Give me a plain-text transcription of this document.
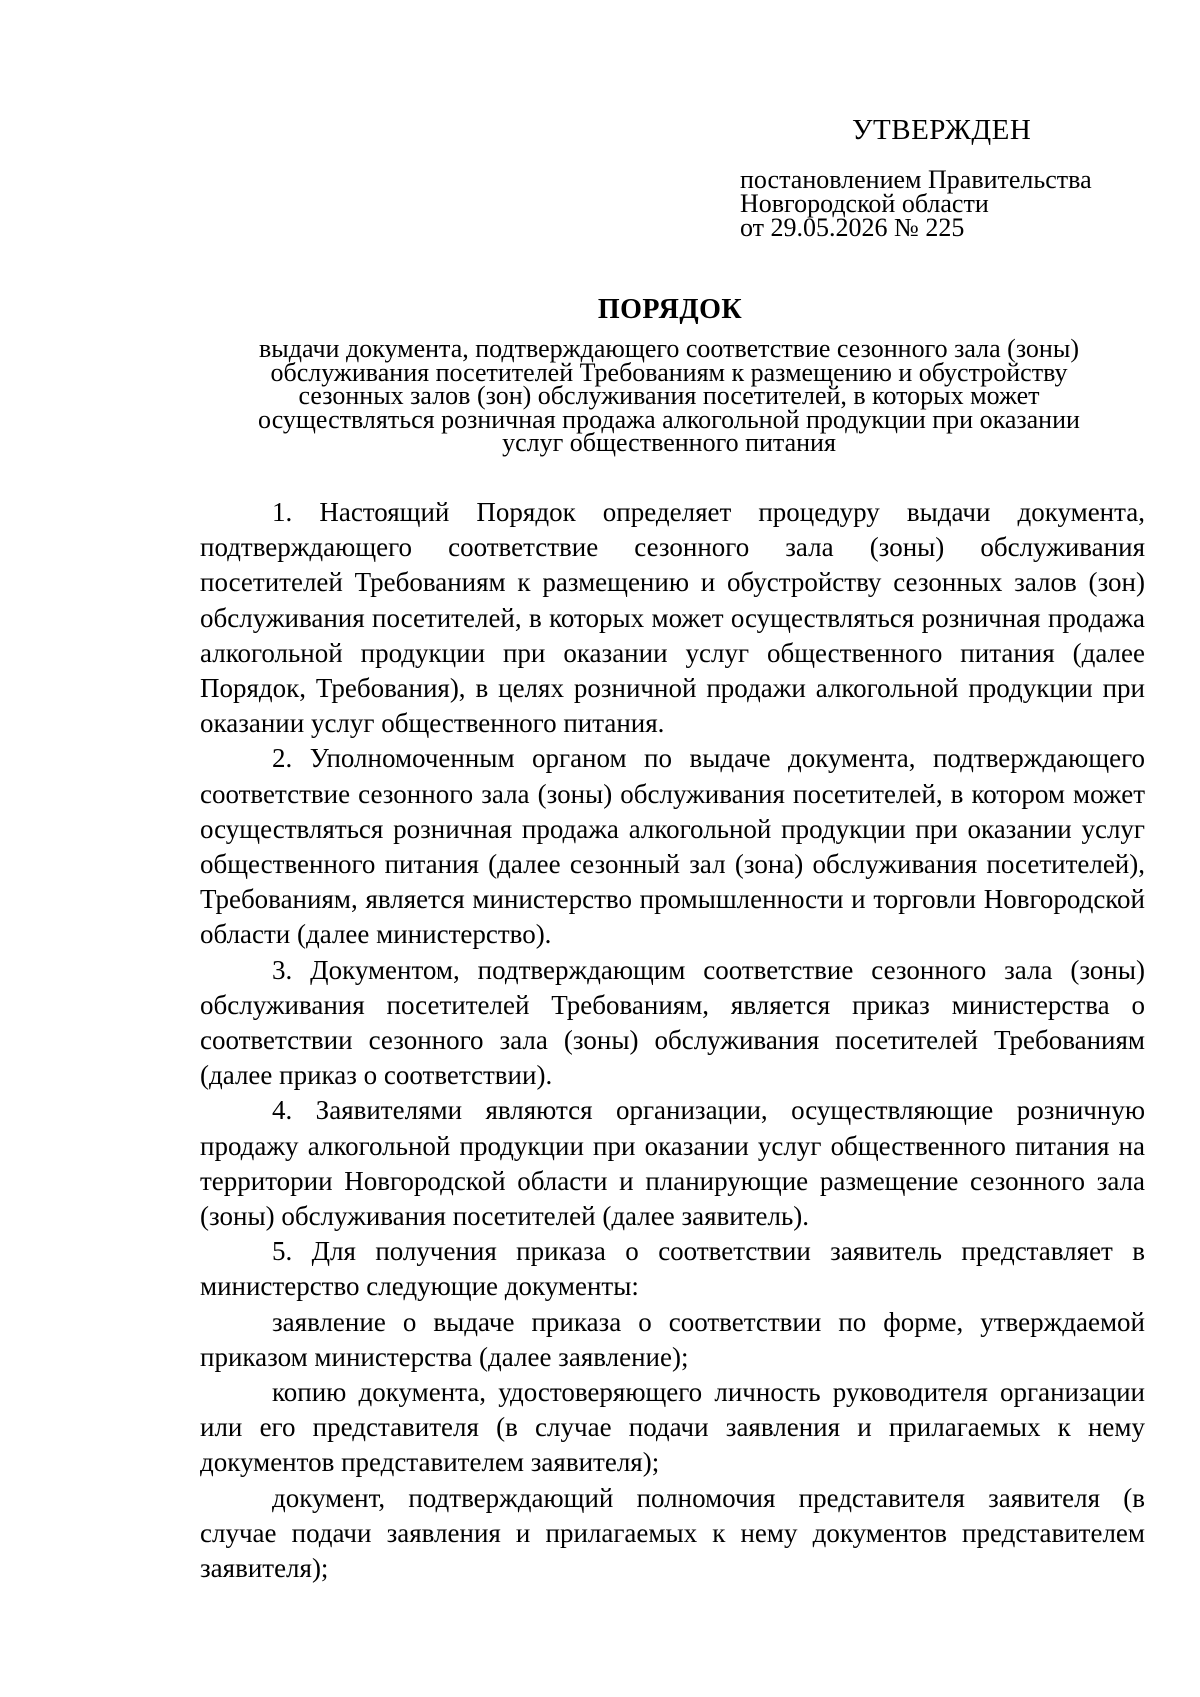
УТВЕРЖДЕН
постановлением Правительства
Новгородской области
от 29.05.2026 № 225
ПОРЯДОК
выдачи документа, подтверждающего соответствие сезонного зала (зоны)
обслуживания посетителей Требованиям к размещению и обустройству
сезонных залов (зон) обслуживания посетителей, в которых может
осуществляться розничная продажа алкогольной продукции при оказании
услуг общественного питания

1. Настоящий Порядок определяет процедуру выдачи документа, подтверждающего соответствие сезонного зала (зоны) обслуживания посетителей Требованиям к размещению и обустройству сезонных залов (зон) обслуживания посетителей, в которых может осуществляться розничная продажа алкогольной продукции при оказании услуг общественного питания (далее Порядок, Требования), в целях розничной продажи алкогольной продукции при оказании услуг общественного питания.

2. Уполномоченным органом по выдаче документа, подтверждающего соответствие сезонного зала (зоны) обслуживания посетителей, в котором может осуществляться розничная продажа алкогольной продукции при оказании услуг общественного питания (далее сезонный зал (зона) обслуживания посетителей), Требованиям, является министерство промышленности и торговли Новгородской области (далее министерство).

3. Документом, подтверждающим соответствие сезонного зала (зоны) обслуживания посетителей Требованиям, является приказ министерства о соответствии сезонного зала (зоны) обслуживания посетителей Требованиям (далее приказ о соответствии).

4. Заявителями являются организации, осуществляющие розничную продажу алкогольной продукции при оказании услуг общественного питания на территории Новгородской области и планирующие размещение сезонного зала (зоны) обслуживания посетителей (далее заявитель).

5. Для получения приказа о соответствии заявитель представляет в министерство следующие документы:

заявление о выдаче приказа о соответствии по форме, утверждаемой приказом министерства (далее заявление);

копию документа, удостоверяющего личность руководителя организации или его представителя (в случае подачи заявления и прилагаемых к нему документов представителем заявителя);

документ, подтверждающий полномочия представителя заявителя (в случае подачи заявления и прилагаемых к нему документов представителем заявителя);
